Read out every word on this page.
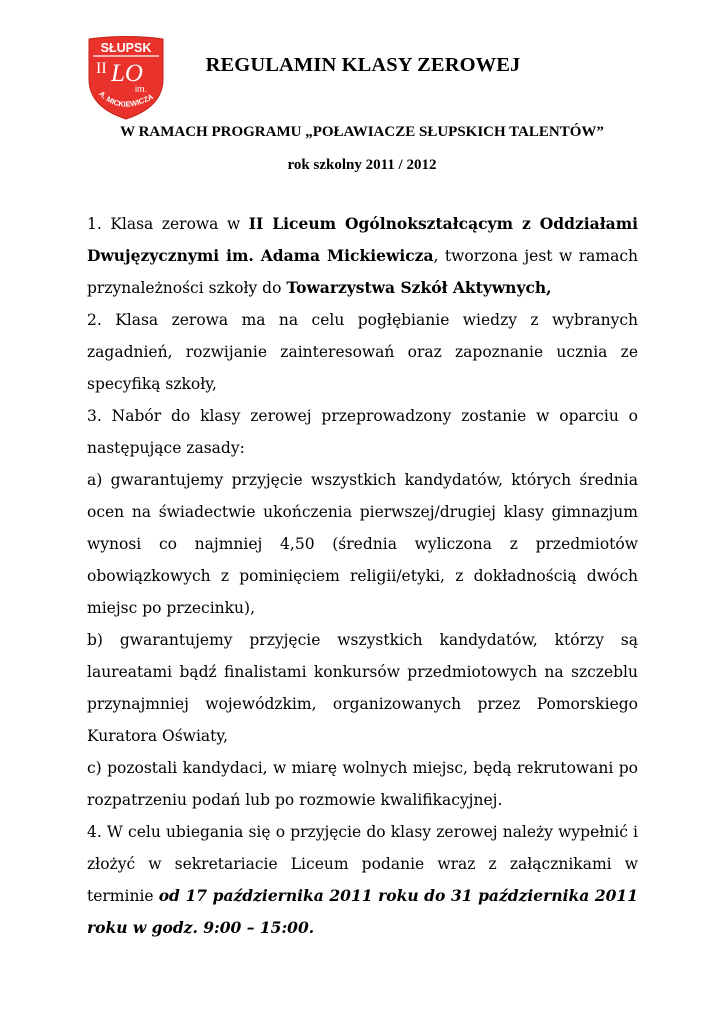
SŁUPSK
II LO
im.
A. MICKIEWICZA
REGULAMIN KLASY ZEROWEJ

W RAMACH PROGRAMU „POŁAWIACZE SŁUPSKICH TALENTÓW”

rok szkolny 2011 / 2012

1. Klasa zerowa w II Liceum Ogólnokształcącym z Oddziałami Dwujęzycznymi im. Adama Mickiewicza, tworzona jest w ramach przynależności szkoły do Towarzystwa Szkół Aktywnych,

2. Klasa zerowa ma na celu pogłębianie wiedzy z wybranych zagadnień, rozwijanie zainteresowań oraz zapoznanie ucznia ze specyfiką szkoły,

3. Nabór do klasy zerowej przeprowadzony zostanie w oparciu o następujące zasady:

a) gwarantujemy przyjęcie wszystkich kandydatów, których średnia ocen na świadectwie ukończenia pierwszej/drugiej klasy gimnazjum wynosi co najmniej 4,50 (średnia wyliczona z przedmiotów obowiązkowych z pominięciem religii/etyki, z dokładnością dwóch miejsc po przecinku),

b) gwarantujemy przyjęcie wszystkich kandydatów, którzy są laureatami bądź finalistami konkursów przedmiotowych na szczeblu przynajmniej wojewódzkim, organizowanych przez Pomorskiego Kuratora Oświaty,

c) pozostali kandydaci, w miarę wolnych miejsc, będą rekrutowani po rozpatrzeniu podań lub po rozmowie kwalifikacyjnej.

4. W celu ubiegania się o przyjęcie do klasy zerowej należy wypełnić i złożyć w sekretariacie Liceum podanie wraz z załącznikami w terminie od 17 października 2011 roku do 31 października 2011 roku w godz. 9:00 – 15:00.
